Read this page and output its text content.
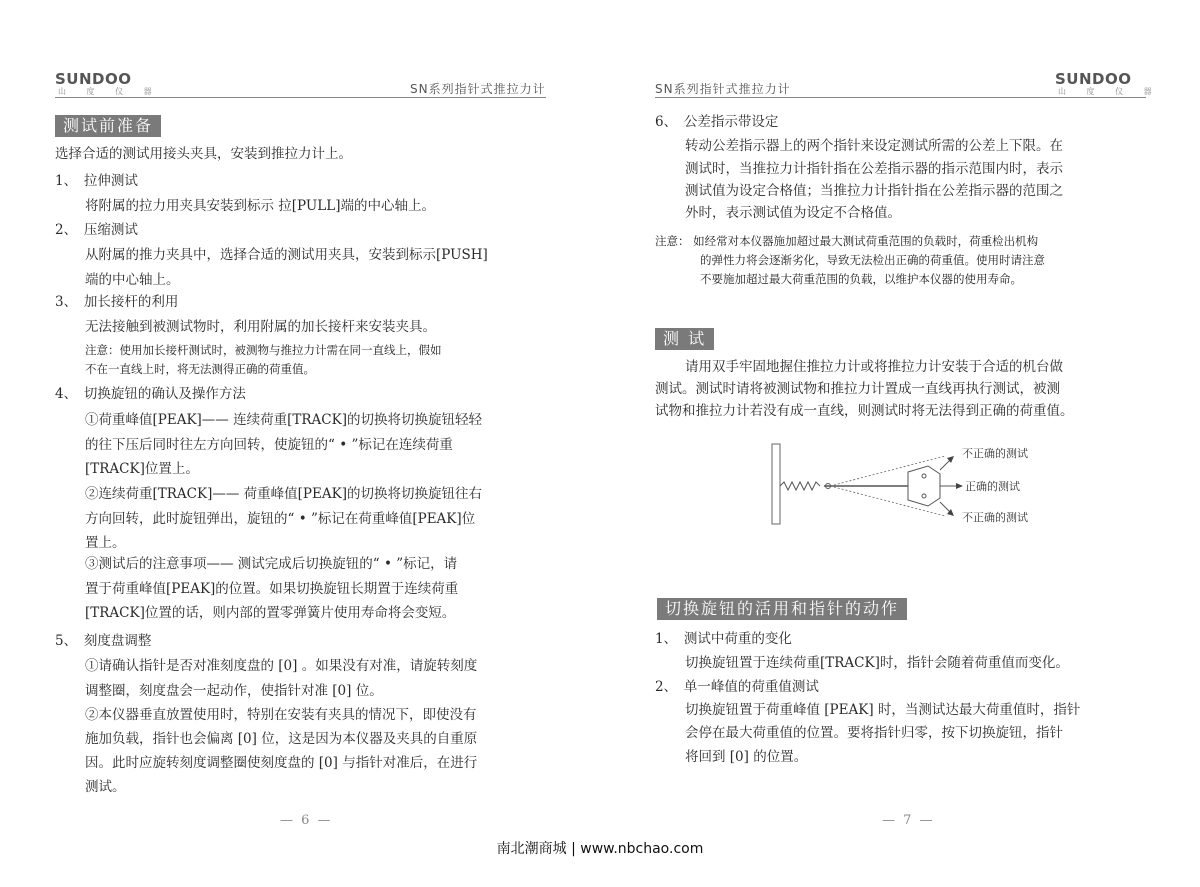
SUNDOO
山 度 仪 器	SN系列指针式推拉力计
测试前准备
选择合适的测试用接头夹具，安装到推拉力计上。
1、　拉伸测试
将附属的拉力用夹具安装到标示 拉[PULL]端的中心轴上。
2、　压缩测试
从附属的推力夹具中，选择合适的测试用夹具，安装到标示[PUSH]
端的中心轴上。
3、　加长接杆的利用
无法接触到被测试物时，利用附属的加长接杆来安装夹具。
注意：使用加长接杆测试时，被测物与推拉力计需在同一直线上，假如
不在一直线上时，将无法测得正确的荷重值。
4、　切换旋钮的确认及操作方法
①荷重峰值[PEAK]—— 连续荷重[TRACK]的切换将切换旋钮轻轻
的往下压后同时往左方向回转，使旋钮的“ • ”标记在连续荷重
[TRACK]位置上。
②连续荷重[TRACK]—— 荷重峰值[PEAK]的切换将切换旋钮往右
方向回转，此时旋钮弹出，旋钮的“ • ”标记在荷重峰值[PEAK]位
置上。
③测试后的注意事项—— 测试完成后切换旋钮的“ • ”标记，请
置于荷重峰值[PEAK]的位置。如果切换旋钮长期置于连续荷重
[TRACK]位置的话，则内部的置零弹簧片使用寿命将会变短。
5、　刻度盘调整
①请确认指针是否对准刻度盘的 [0] 。如果没有对准，请旋转刻度
调整圈，刻度盘会一起动作，使指针对准 [0] 位。
②本仪器垂直放置使用时，特别在安装有夹具的情况下，即使没有
施加负载，指针也会偏离 [0] 位，这是因为本仪器及夹具的自重原
因。此时应旋转刻度调整圈使刻度盘的 [0] 与指针对准后，在进行
测试。
— 6 —
SN系列指针式推拉力计
SUNDOO
山 度 仪 器
6、　公差指示带设定
转动公差指示器上的两个指针来设定测试所需的公差上下限。在
测试时，当推拉力计指针指在公差指示器的指示范围内时，表示
测试值为设定合格值；当推拉力计指针指在公差指示器的范围之
外时，表示测试值为设定不合格值。
注意： 如经常对本仪器施加超过最大测试荷重范围的负载时，荷重检出机构
的弹性力将会逐渐劣化，导致无法检出正确的荷重值。使用时请注意
不要施加超过最大荷重范围的负载，以维护本仪器的使用寿命。
测 试
请用双手牢固地握住推拉力计或将推拉力计安装于合适的机台做
测试。测试时请将被测试物和推拉力计置成一直线再执行测试，被测
试物和推拉力计若没有成一直线，则测试时将无法得到正确的荷重值。
不正确的测试
正确的测试
不正确的测试
切换旋钮的活用和指针的动作
1、　测试中荷重的变化
切换旋钮置于连续荷重[TRACK]时，指针会随着荷重值而变化。
2、　单一峰值的荷重值测试
切换旋钮置于荷重峰值 [PEAK] 时，当测试达最大荷重值时，指针
会停在最大荷重值的位置。要将指针归零，按下切换旋钮，指针
将回到 [0] 的位置。
— 7 —
南北潮商城 | www.nbchao.com
